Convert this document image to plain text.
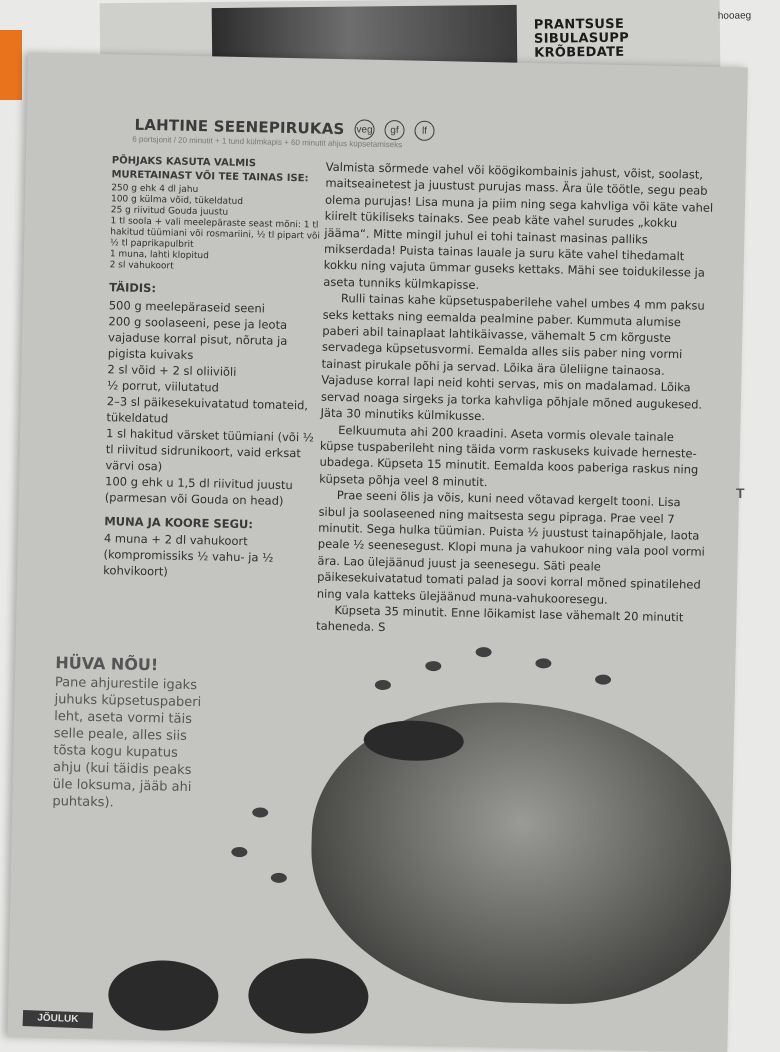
PRANTSUSE
SIBULASUPP
KRÕBEDATE
hooaeg
LAHTINE SEENEPIRUKAS veg	gf	lf
6 portsjonit / 20 minutit + 1 tund külmkapis + 60 minutit ahjus küpsetamiseks
PÕHJAKS KASUTA VALMIS MURETAINAST VÕI TEE TAINAS ISE:

250 g ehk 4 dl jahu

100 g külma võid, tükeldatud

25 g riivitud Gouda juustu

1 tl soola + vali meelepäraste seast mõni: 1 tl hakitud tüümiani või rosmariini, ½ tl pipart või ½ tl paprikapulbrit

1 muna, lahti klopitud

2 sl vahukoort

TÄIDIS:

500 g meelepäraseid seeni

200 g soolaseeni, pese ja leota vajaduse korral pisut, nõruta ja pigista kuivaks

2 sl võid + 2 sl oliiviõli

½ porrut, viilutatud

2–3 sl päikesekuivatatud tomateid, tükeldatud

1 sl hakitud värsket tüümiani (või ½ tl riivitud sidrunikoort, vaid erksat värvi osa)

100 g ehk u 1,5 dl riivitud juustu (parmesan või Gouda on head)

MUNA JA KOORE SEGU:

4 muna + 2 dl vahukoort

(kompromissiks ½ vahu- ja ½ kohvikoort)

Valmista sõrmede vahel või köögikombainis jahust, võist, soolast, maitseainetest ja juustust purujas mass. Ära üle töötle, segu peab olema purujas! Lisa muna ja piim ning sega kahvliga või käte vahel kiirelt tükiliseks tainaks. See peab käte vahel surudes „kokku jääma“. Mitte mingil juhul ei tohi tainast masinas palliks mikserdada! Puista tainas lauale ja suru käte vahel tihedamalt kokku ning vajuta ümmar guseks kettaks. Mähi see toidukilesse ja aseta tunniks külmkapisse.

Rulli tainas kahe küpsetuspaberilehe vahel umbes 4 mm paksu seks kettaks ning eemalda pealmine paber. Kummuta alumise paberi abil tainaplaat lahtikäivasse, vähemalt 5 cm kõrguste servadega küpsetusvormi. Eemalda alles siis paber ning vormi tainast pirukale põhi ja servad. Lõika ära üleliigne tainaosa. Vajaduse korral lapi neid kohti servas, mis on madalamad. Lõika servad noaga sirgeks ja torka kahvliga põhjale mõned augukesed. Jäta 30 minutiks külmikusse.

Eelkuumuta ahi 200 kraadini. Aseta vormis olevale tainale küpse tuspaberileht ning täida vorm raskuseks kuivade herneste-ubadega. Küpseta 15 minutit. Eemalda koos paberiga raskus ning küpseta põhja veel 8 minutit.

Prae seeni õlis ja võis, kuni need võtavad kergelt tooni. Lisa sibul ja soolaseened ning maitsesta segu pipraga. Prae veel 7 minutit. Sega hulka tüümian. Puista ½ juustust tainapõhjale, laota peale ½ seenesegust. Klopi muna ja vahukoor ning vala pool vormi ära. Lao ülejäänud juust ja seenesegu. Säti peale päikesekuivatatud tomati palad ja soovi korral mõned spinatilehed ning vala katteks ülejäänud muna-vahukooresegu.

Küpseta 35 minutit. Enne lõikamist lase vähemalt 20 minutit taheneda. S

HÜVA NÕU!
Pane ahjurestile igaks juhuks küpsetuspaberi leht, aseta vormi täis selle peale, alles siis tõsta kogu kupatus ahju (kui täidis peaks üle loksuma, jääb ahi puhtaks).
JÕULUK
T
